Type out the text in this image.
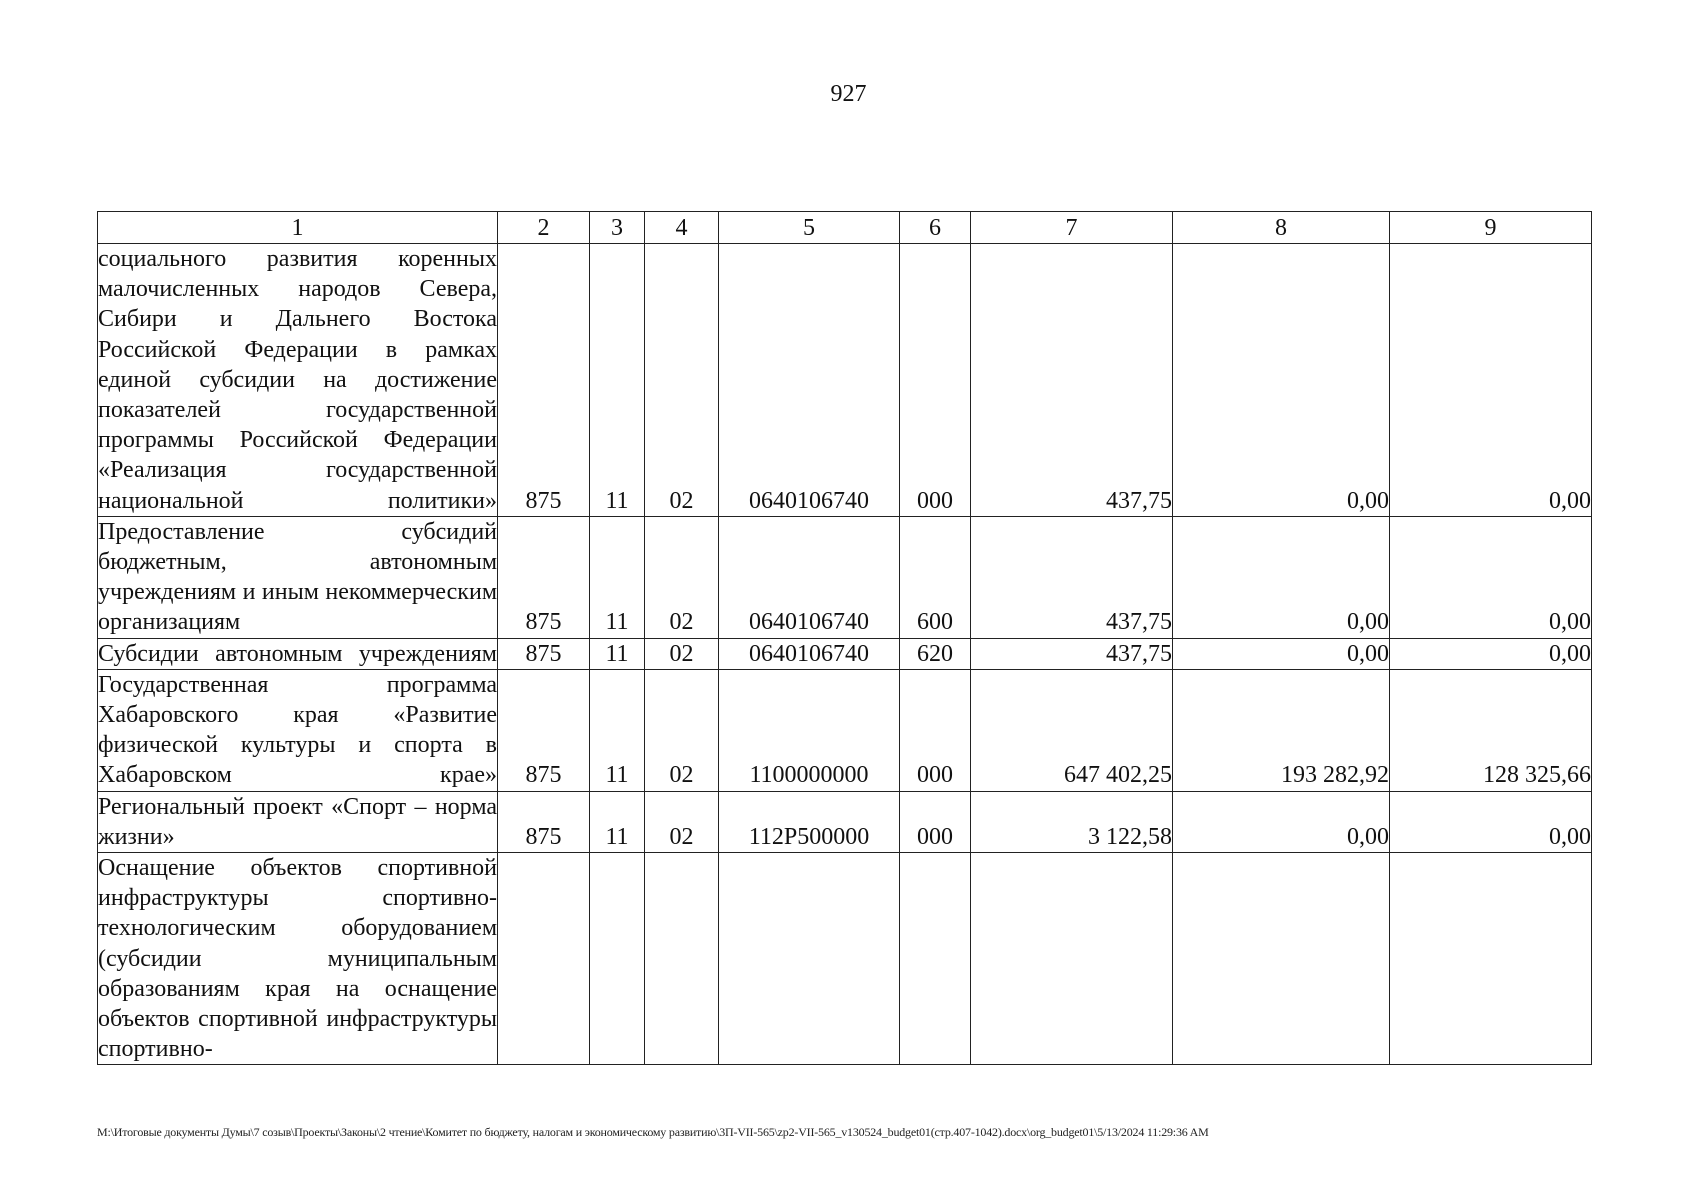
927
1	2	3	4	5	6	7	8	9
социального развития коренных малочисленных народов Севера, Сибири и Дальнего Востока Российской Федерации в рамках единой субсидии на достижение показателей государственной программы Российской Федерации «Реализация государственной национальной политики»	875	11	02	0640106740	000	437,75	0,00	0,00
Предоставление субсидий бюджетным, автономным учреждениям и иным некоммерческим организациям	875	11	02	0640106740	600	437,75	0,00	0,00
Субсидии автономным учреждениям	875	11	02	0640106740	620	437,75	0,00	0,00
Государственная программа Хабаровского края «Развитие физической культуры и спорта в Хабаровском крае»	875	11	02	1100000000	000	647 402,25	193 282,92	128 325,66
Региональный проект «Спорт – норма жизни»	875	11	02	112P500000	000	3 122,58	0,00	0,00
Оснащение объектов спортивной инфраструктуры спортивно-технологическим оборудованием (субсидии муниципальным образованиям края на оснащение объектов спортивной инфраструктуры спортивно-								
M:\Итоговые документы Думы\7 созыв\Проекты\Законы\2 чтение\Комитет по бюджету, налогам и экономическому развитию\3П-VII-565\zp2-VII-565_v130524_budget01(стр.407-1042).docx\org_budget01\5/13/2024 11:29:36 AM
